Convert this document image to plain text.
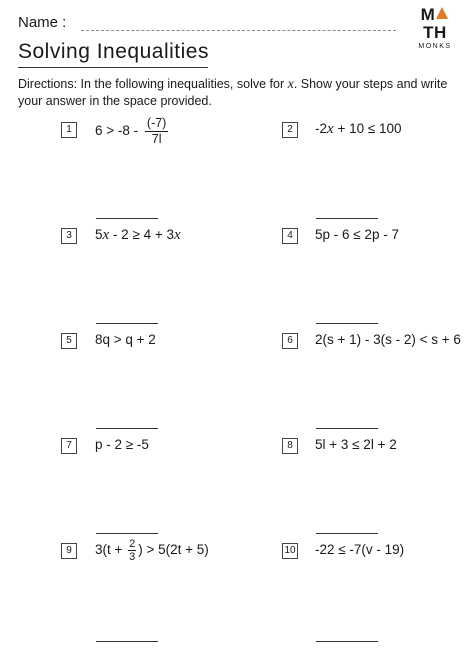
Name :	MTH
MONKS
Solving Inequalities
Directions: In the following inequalities, solve for x. Show your steps and write your answer in the space provided.
1	$6 > -8 - \frac{(-7)}{7l}$	2	-2x + 10 ≤ 100
3	5x - 2 ≥ 4 + 3x	4	5p - 6 ≤ 2p - 7
5	8q > q + 2	6	2(s + 1) - 3(s - 2) < s + 6
7	p - 2 ≥ -5	8	5l + 3 ≤ 2l + 2
9	$3(t + \frac{2}{3}$ ) > 5(2t + 5)	10 -22 ≤ -7(v - 19)
